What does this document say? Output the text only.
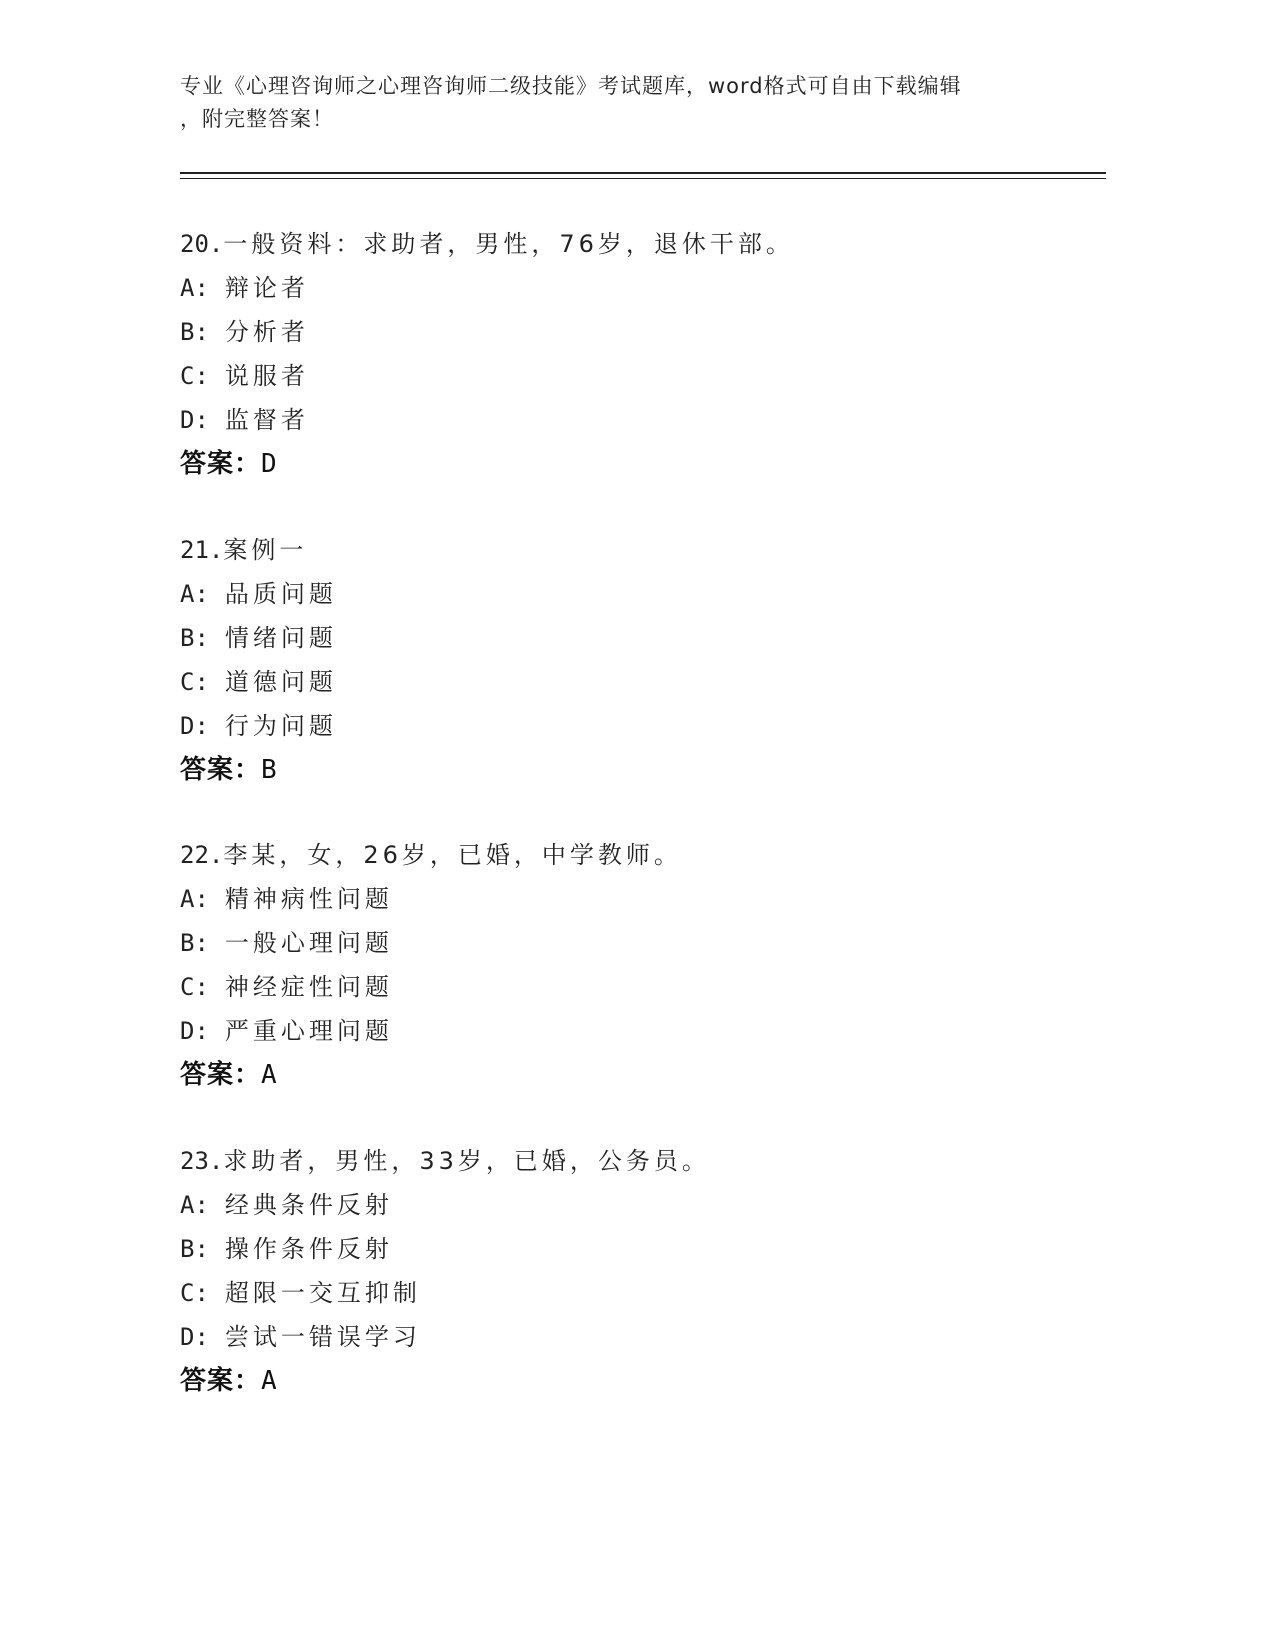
专业《心理咨询师之心理咨询师二级技能》考试题库，word格式可自由下载编辑
，附完整答案！
20.一般资料：求助者，男性，76岁，退休干部。
A: 辩论者
B: 分析者
C: 说服者
D: 监督者
答案：D
21.案例一
A: 品质问题
B: 情绪问题
C: 道德问题
D: 行为问题
答案：B
22.李某，女，26岁，已婚，中学教师。
A: 精神病性问题
B: 一般心理问题
C: 神经症性问题
D: 严重心理问题
答案：A
23.求助者，男性，33岁，已婚，公务员。
A: 经典条件反射
B: 操作条件反射
C: 超限一交互抑制
D: 尝试一错误学习
答案：A
